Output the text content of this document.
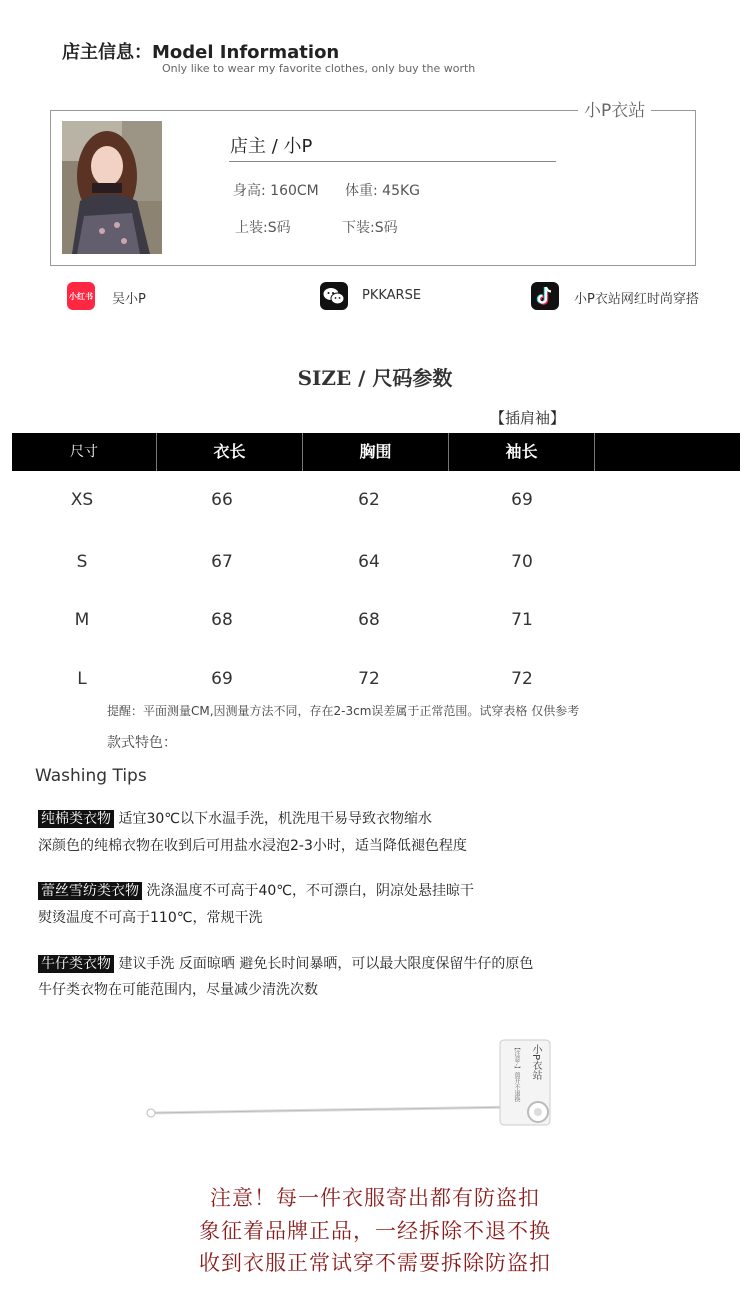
店主信息：Model Information
Only like to wear my favorite clothes, only buy the worth
小P衣站
店主 / 小P
身高: 160CM 体重: 45KG
上装:S码	下装:S码
小红书 吴小P	PKKARSE	小P衣站网红时尚穿搭
SIZE / 尺码参数
【插肩袖】
尺寸	衣长	胸围	袖长
XS	66	62	69
S	67	64	70
M	68	68	71
L	69	72	72
提醒：平面测量CM,因测量方法不同，存在2-3cm误差属于正常范围。试穿表格 仅供参考
款式特色：
Washing Tips
纯棉类衣物 适宜30℃以下水温手洗，机洗甩干易导致衣物缩水
深颜色的纯棉衣物在收到后可用盐水浸泡2-3小时，适当降低褪色程度
蕾丝雪纺类衣物 洗涤温度不可高于40℃，不可漂白，阴凉处悬挂晾干
熨烫温度不可高于110℃，常规干洗
牛仔类衣物 建议手洗 反面晾晒 避免长时间暴晒，可以最大限度保留牛仔的原色
牛仔类衣物在可能范围内，尽量减少清洗次数
小P衣站
【注意·-】剪开不退换
注意！每一件衣服寄出都有防盗扣
象征着品牌正品，一经拆除不退不换
收到衣服正常试穿不需要拆除防盗扣
